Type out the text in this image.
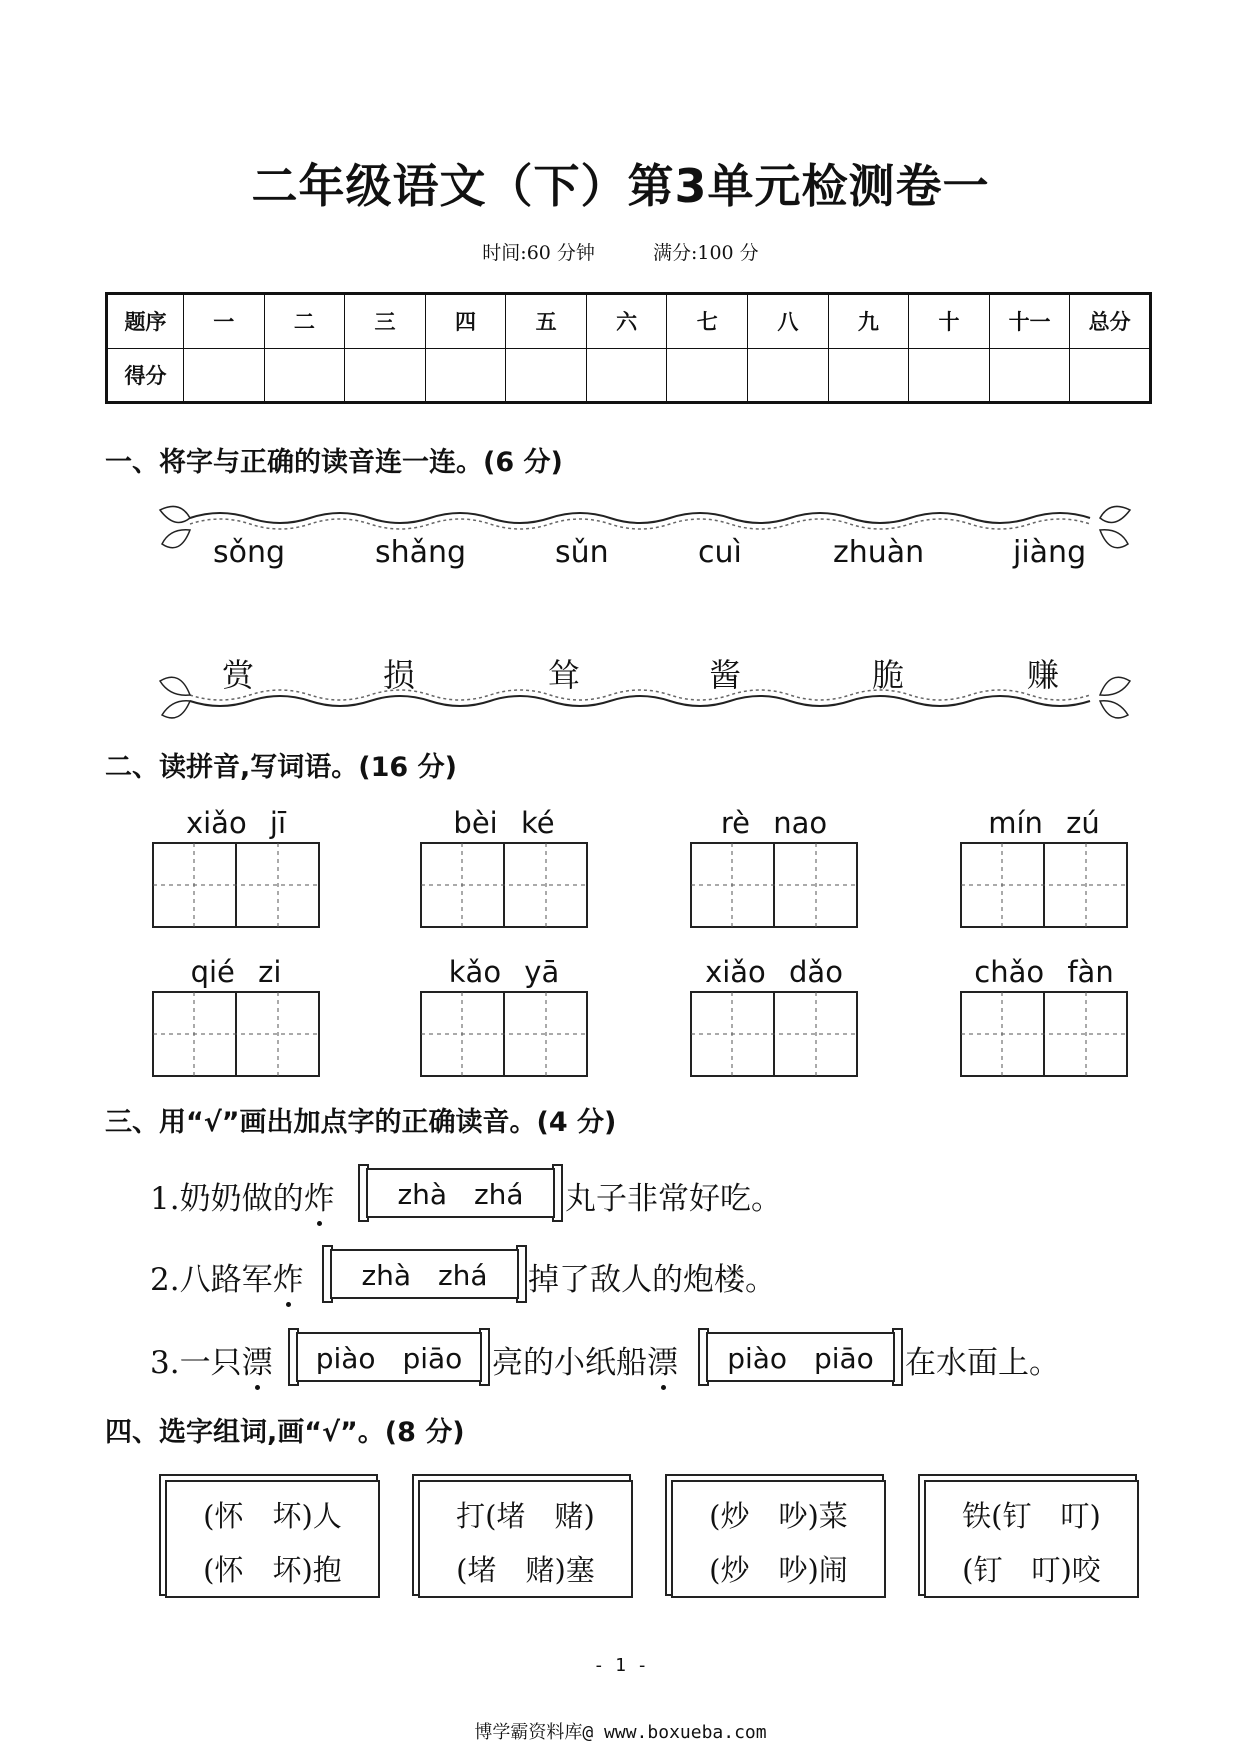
二年级语文（下）第3单元检测卷一
时间:60 分钟	满分:100 分
题序	一	二	三	四	五	六	七	八	九	十	十一	总分
得分												
一、将字与正确的读音连一连。(6 分)
sǒng	shǎng	sǔn	cuì	zhuàn	jiàng
赏	损	耸	酱	脆	赚
二、读拼音,写词语。(16 分)
xiǎo jī	bèi ké	rè nao	mín zú
qié zi	kǎo yā	xiǎo dǎo	chǎo fàn
三、用“√”画出加点字的正确读音。(4 分)
1.奶奶做的炸	zhà zhá	丸子非常好吃。
2.八路军炸	zhà zhá	掉了敌人的炮楼。
3.一只漂	piào piāo 亮的小纸船漂	piào piāo	在水面上。
四、选字组词,画“√”。(8 分)
(怀　坏)人
(怀　坏)抱
打(堵　赌)
(堵　赌)塞
(炒　吵)菜
(炒　吵)闹
铁(钉　叮)
(钉　叮)咬
- 1 -
博学霸资料库@ www.boxueba.com
